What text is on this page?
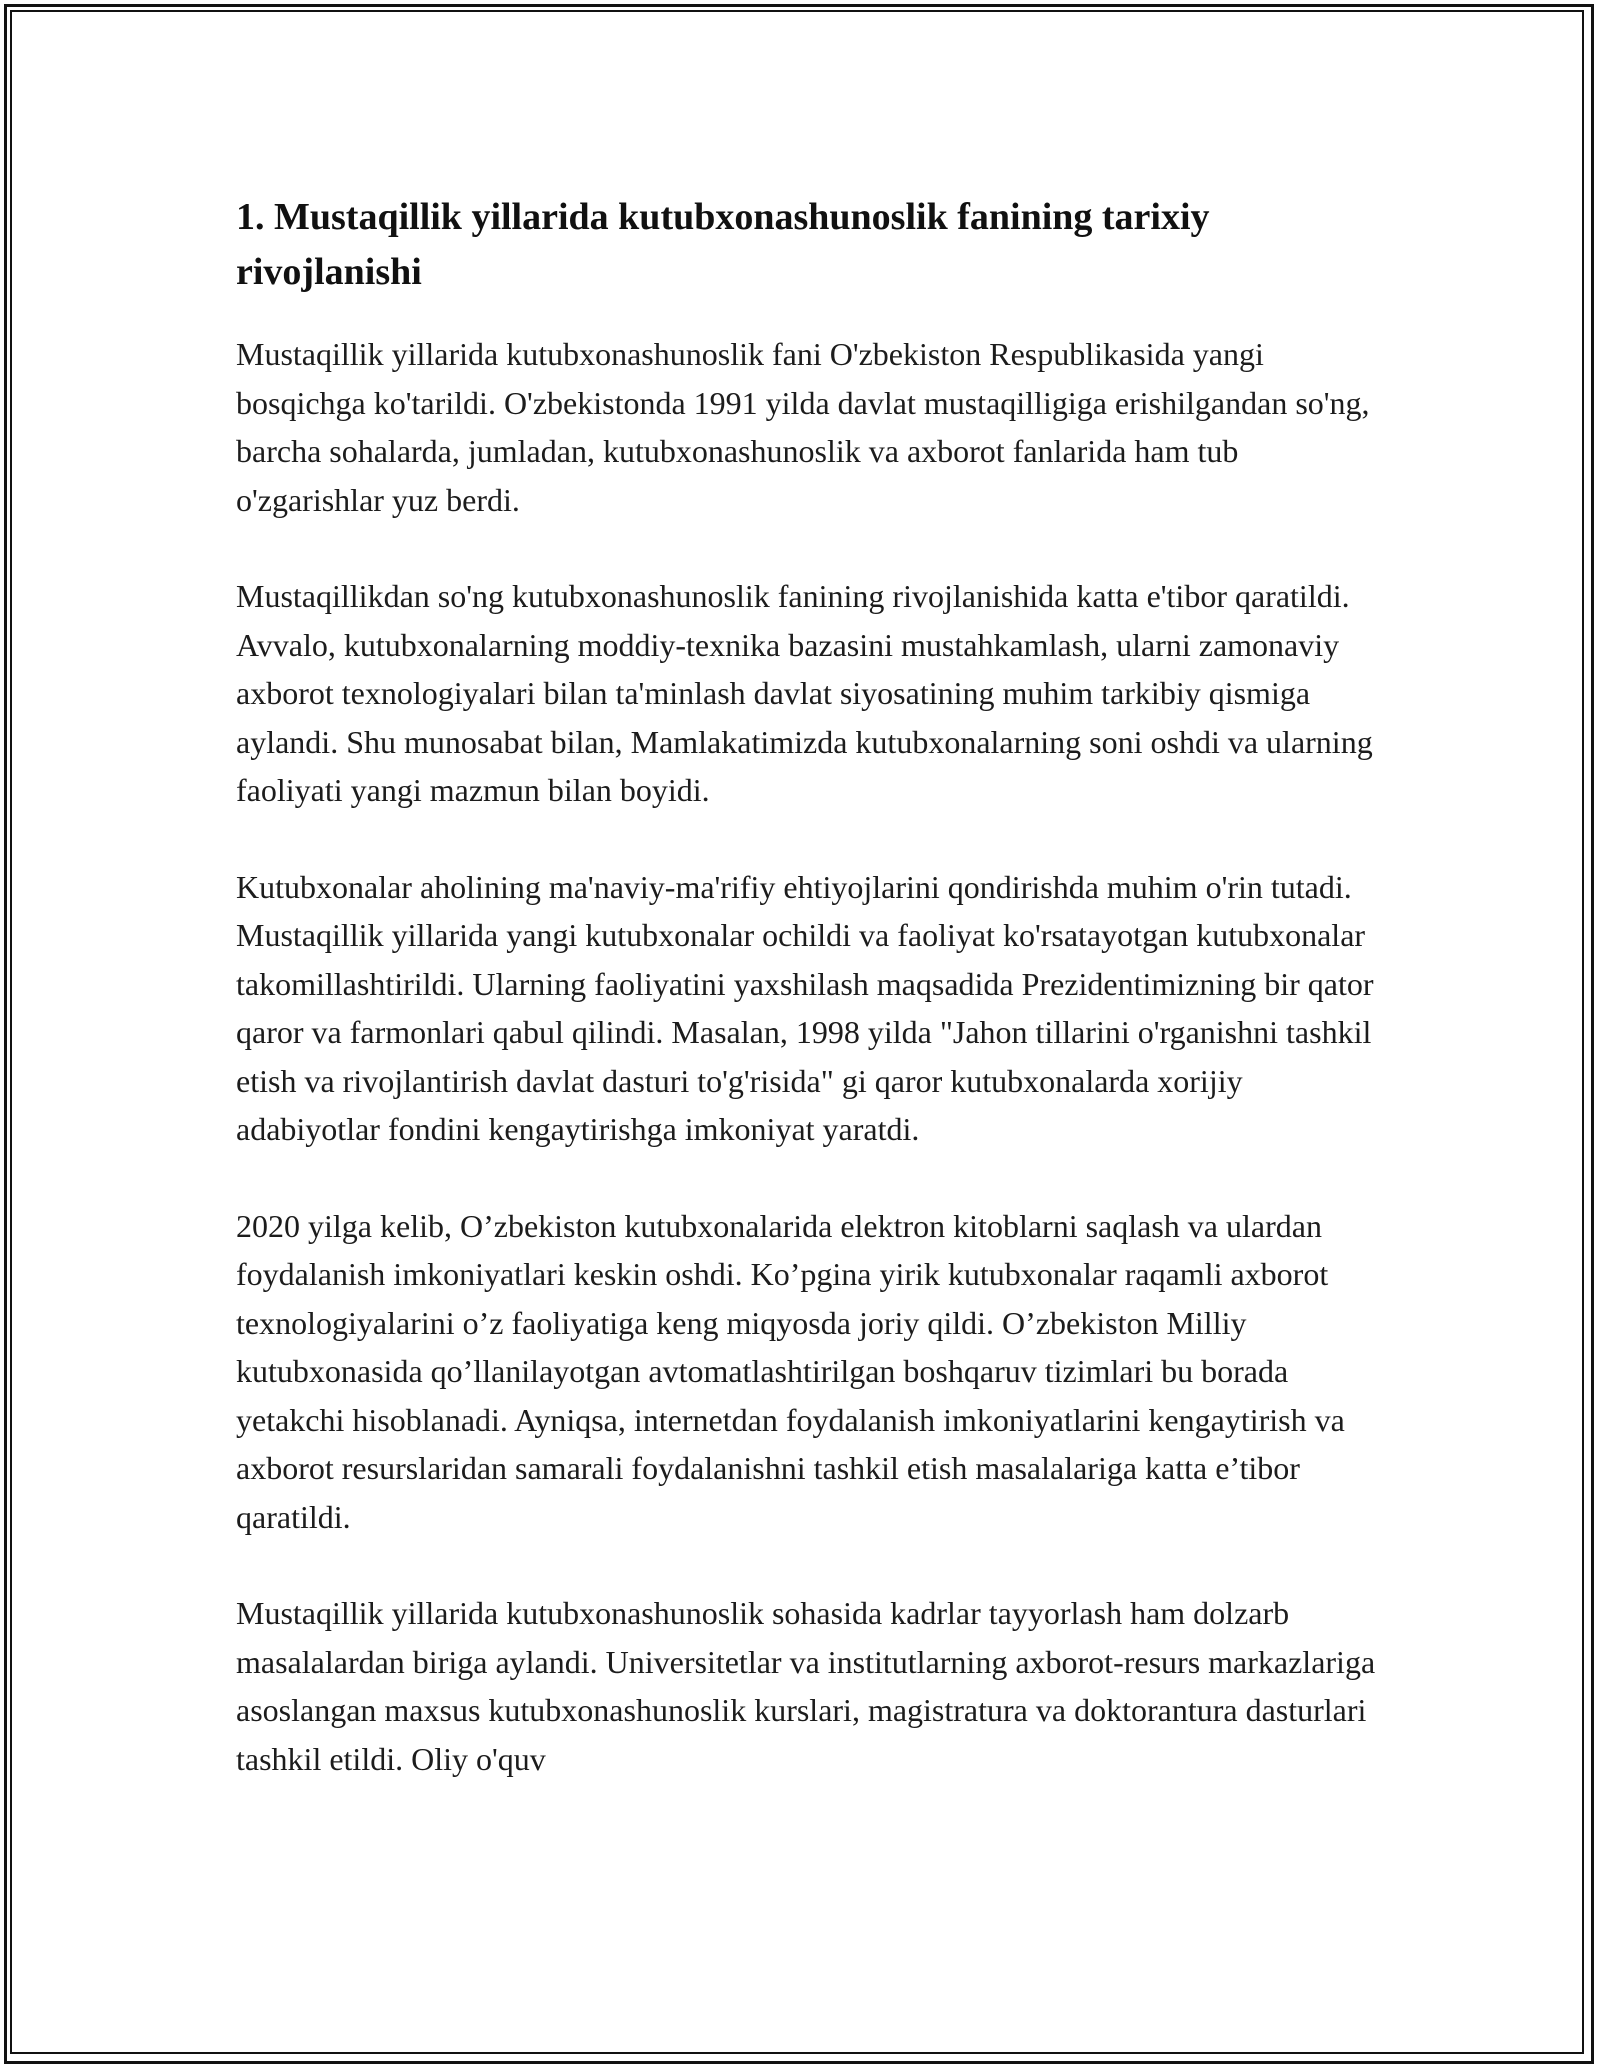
1. Mustaqillik yillarida kutubxonashunoslik fanining tarixiy rivojlanishi

Mustaqillik yillarida kutubxonashunoslik fani O'zbekiston Respublikasida yangi bosqichga ko'tarildi. O'zbekistonda 1991 yilda davlat mustaqilligiga erishilgandan so'ng, barcha sohalarda, jumladan, kutubxonashunoslik va axborot fanlarida ham tub o'zgarishlar yuz berdi.

Mustaqillikdan so'ng kutubxonashunoslik fanining rivojlanishida katta e'tibor qaratildi. Avvalo, kutubxonalarning moddiy-texnika bazasini mustahkamlash, ularni zamonaviy axborot texnologiyalari bilan ta'minlash davlat siyosatining muhim tarkibiy qismiga aylandi. Shu munosabat bilan, Mamlakatimizda kutubxonalarning soni oshdi va ularning faoliyati yangi mazmun bilan boyidi.

Kutubxonalar aholining ma'naviy-ma'rifiy ehtiyojlarini qondirishda muhim o'rin tutadi. Mustaqillik yillarida yangi kutubxonalar ochildi va faoliyat ko'rsatayotgan kutubxonalar takomillashtirildi. Ularning faoliyatini yaxshilash maqsadida Prezidentimizning bir qator qaror va farmonlari qabul qilindi. Masalan, 1998 yilda "Jahon tillarini o'rganishni tashkil etish va rivojlantirish davlat dasturi to'g'risida" gi qaror kutubxonalarda xorijiy adabiyotlar fondini kengaytirishga imkoniyat yaratdi.

2020 yilga kelib, O’zbekiston kutubxonalarida elektron kitoblarni saqlash va ulardan foydalanish imkoniyatlari keskin oshdi. Ko’pgina yirik kutubxonalar raqamli axborot texnologiyalarini o’z faoliyatiga keng miqyosda joriy qildi. O’zbekiston Milliy kutubxonasida qo’llanilayotgan avtomatlashtirilgan boshqaruv tizimlari bu borada yetakchi hisoblanadi. Ayniqsa, internetdan foydalanish imkoniyatlarini kengaytirish va axborot resurslaridan samarali foydalanishni tashkil etish masalalariga katta e’tibor qaratildi.

Mustaqillik yillarida kutubxonashunoslik sohasida kadrlar tayyorlash ham dolzarb masalalardan biriga aylandi. Universitetlar va institutlarning axborot-resurs markazlariga asoslangan maxsus kutubxonashunoslik kurslari, magistratura va doktorantura dasturlari tashkil etildi. Oliy o'quv
